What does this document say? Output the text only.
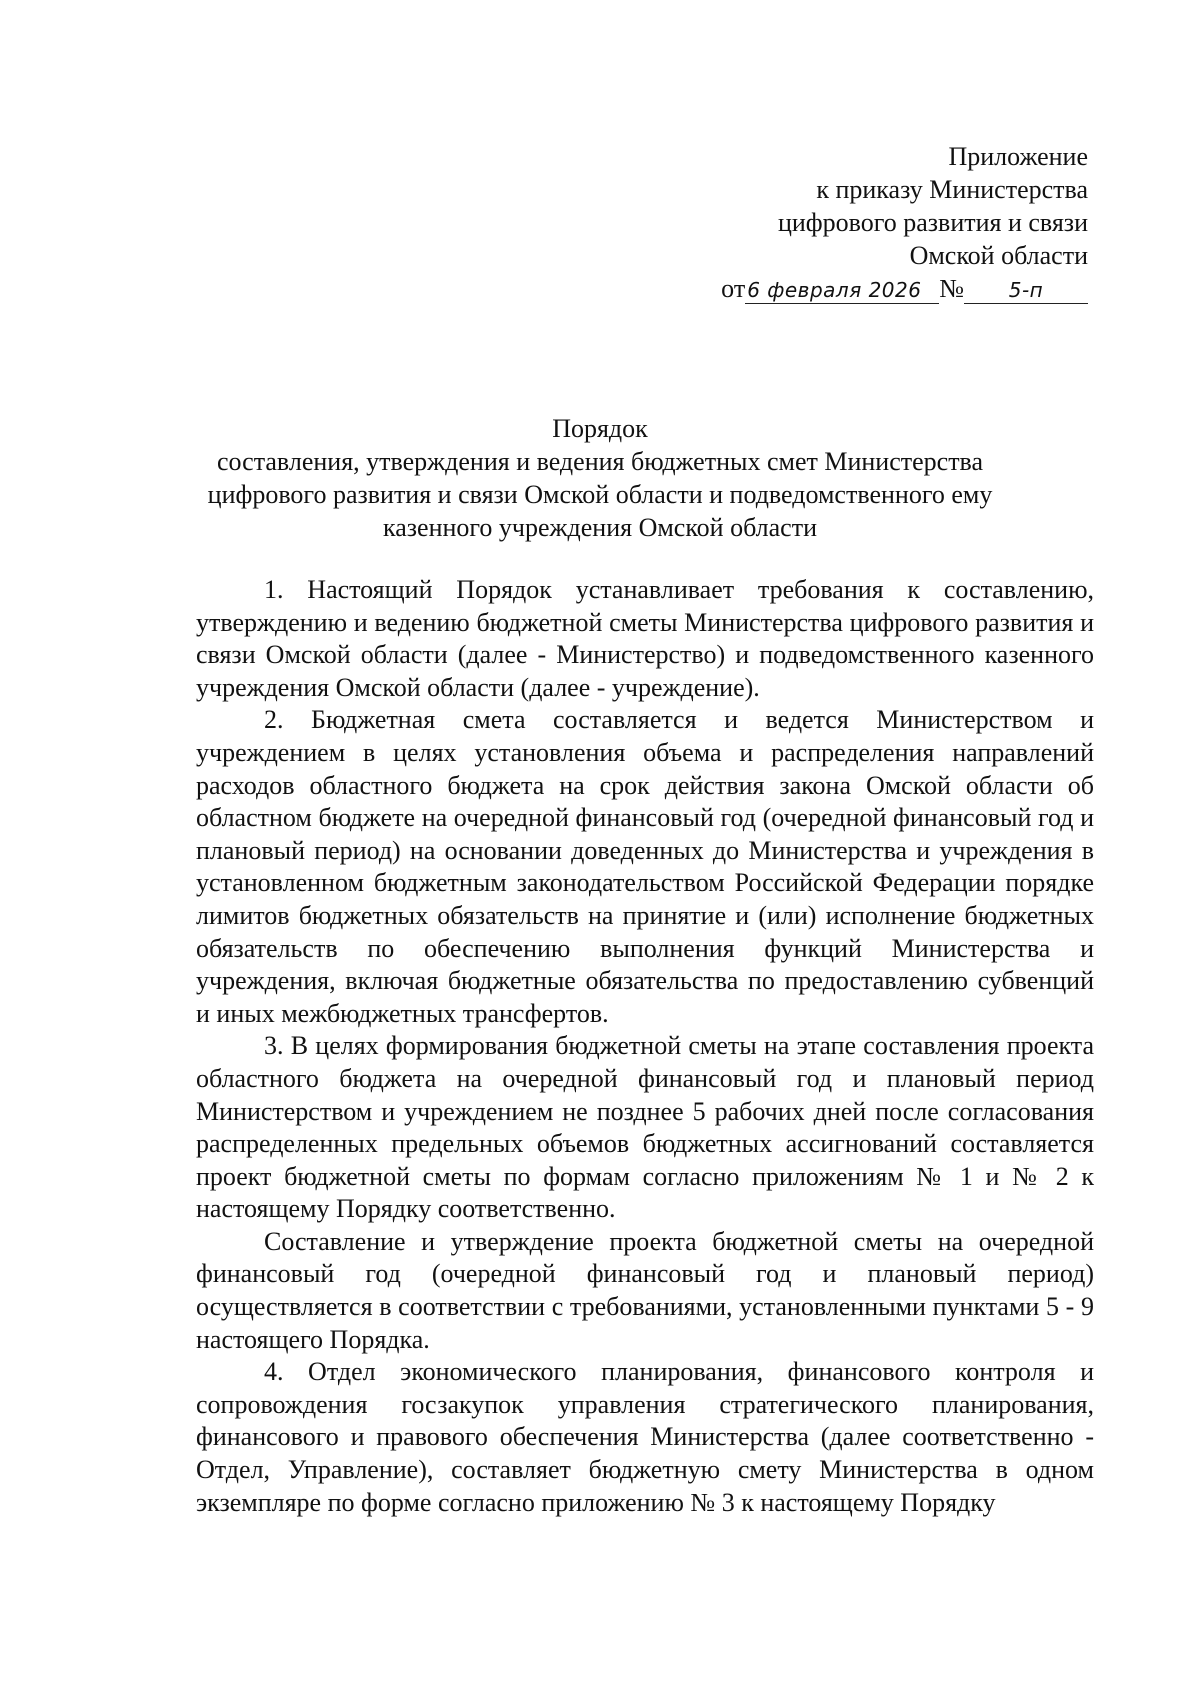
Приложение
к приказу Министерства
цифрового развития и связи
Омской области
от 6 февраля 2026 № 5-п
Порядок
составления, утверждения и ведения бюджетных смет Министерства
цифрового развития и связи Омской области и подведомственного ему
казенного учреждения Омской области

1. Настоящий Порядок устанавливает требования к составлению, утверждению и ведению бюджетной сметы Министерства цифрового развития и связи Омской области (далее - Министерство) и подведомственного казенного учреждения Омской области (далее - учреждение).

2. Бюджетная смета составляется и ведется Министерством и учреждением в целях установления объема и распределения направлений расходов областного бюджета на срок действия закона Омской области об областном бюджете на очередной финансовый год (очередной финансовый год и плановый период) на основании доведенных до Министерства и учреждения в установленном бюджетным законодательством Российской Федерации порядке лимитов бюджетных обязательств на принятие и (или) исполнение бюджетных обязательств по обеспечению выполнения функций Министерства и учреждения, включая бюджетные обязательства по предоставлению субвенций и иных межбюджетных трансфертов.

3. В целях формирования бюджетной сметы на этапе составления проекта областного бюджета на очередной финансовый год и плановый период Министерством и учреждением не позднее 5 рабочих дней после согласования распределенных предельных объемов бюджетных ассигнований составляется проект бюджетной сметы по формам согласно приложениям № 1 и № 2 к настоящему Порядку соответственно.

Составление и утверждение проекта бюджетной сметы на очередной финансовый год (очередной финансовый год и плановый период) осуществляется в соответствии с требованиями, установленными пунктами 5 - 9 настоящего Порядка.

4. Отдел экономического планирования, финансового контроля и сопровождения госзакупок управления стратегического планирования, финансового и правового обеспечения Министерства (далее соответственно - Отдел, Управление), составляет бюджетную смету Министерства в одном экземпляре по форме согласно приложению № 3 к настоящему Порядку
